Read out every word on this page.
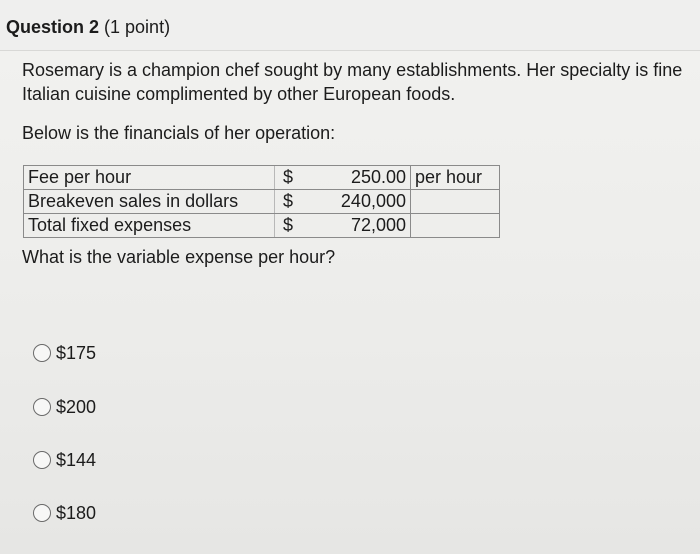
Question 2 (1 point)
Rosemary is a champion chef sought by many establishments. Her specialty is fine Italian cuisine complimented by other European foods.
Below is the financials of her operation:
Fee per hour	$	250.00	per hour
Breakeven sales in dollars	$	240,000	
Total fixed expenses	$	72,000	
What is the variable expense per hour?
$175
$200
$144
$180
